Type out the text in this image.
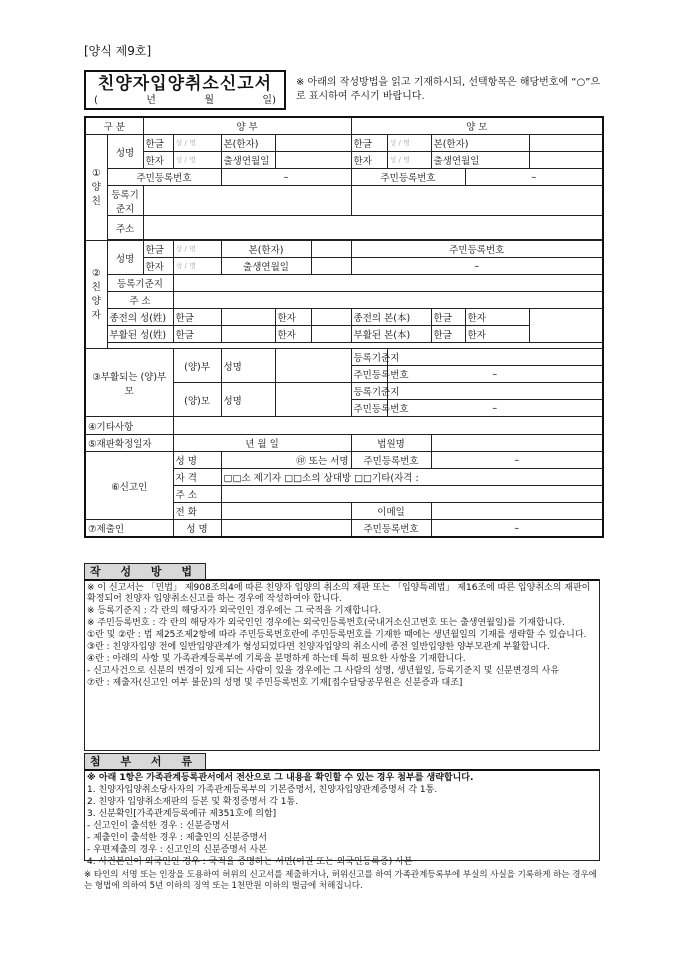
[양식 제9호]
친양자입양취소신고서
(	년	월	일)
※ 아래의 작성방법을 읽고 기재하시되, 선택항목은 해당번호에 “○”으로 표시하여 주시기 바랍니다.
구 분		양 부					양 모				
① 양 친	성명	한글	성 / 명	본(한자)			한글	성 / 명	본(한자)		
		한자	성 / 명	출생연월일			한자	성 / 명	출생연월일		
	주민등록번호			–			주민등록번호			–	
	등록기준지										
	주소										

② 친 양 자	성명	한글	성 / 명	본(한자)			주민등록번호				
		한자	성 / 명	출생연월일			–				
	등록기준지										
	주 소										
	종전의 성(姓)		한글		한자		종전의 본(本)		한글	한자	
	부활된 성(姓)		한글		한자		부활된 본(本)		한글	한자	

③부활되는 (양)부모			(양)부	성명			등록기준지				
							주민등록번호	–			
			(양)모	성명			등록기준지				
							주민등록번호	–			
④기타사항											
⑤재판확정일자			년 월 일				법원명				
⑥신고인			성 명	㊞ 또는 서명			주민등록번호		–		
			자 격	□□소 제기자 □□소의 상대방 □□기타(자격 :							
			주 소								
			전 화				이메일				
⑦제출인			성 명				주민등록번호		–		
작 성 방 법

※ 이 신고서는 「민법」 제908조의4에 따른 친양자 입양의 취소의 재판 또는 「입양특례법」 제16조에 따른 입양취소의 재판이 확정되어 친양자 입양취소신고를 하는 경우에 작성하여야 합니다.

※ 등록기준지 : 각 란의 해당자가 외국인인 경우에는 그 국적을 기재합니다.

※ 주민등록번호 : 각 란의 해당자가 외국인인 경우에는 외국인등록번호(국내거소신고번호 또는 출생연월일)를 기재합니다.

①란 및 ②란 : 법 제25조제2항에 따라 주민등록번호란에 주민등록번호를 기재한 때에는 생년월일의 기재를 생략할 수 있습니다.

③란 : 친양자입양 전에 일반입양관계가 형성되었다면 친양자입양의 취소시에 종전 일반입양한 양부모관계 부활합니다.

④란 : 아래의 사항 및 가족관계등록부에 기록을 분명하게 하는데 특히 필요한 사항을 기재합니다.

- 신고사건으로 신분의 변경이 있게 되는 사람이 있을 경우에는 그 사람의 성명, 생년월일, 등록기준지 및 신분변경의 사유

⑦란 : 제출자(신고인 여부 불문)의 성명 및 주민등록번호 기재[접수담당공무원은 신분증과 대조]

첨 부 서 류

※ 아래 1항은 가족관계등록관서에서 전산으로 그 내용을 확인할 수 있는 경우 첨부를 생략합니다.

1. 친양자입양취소당사자의 가족관계등록부의 기본증명서, 친양자입양관계증명서 각 1통.

2. 친양자 입양취소재판의 등본 및 확정증명서 각 1통.

3. 신분확인[가족관계등록예규 제351호에 의함]

- 신고인이 출석한 경우 : 신분증명서

- 제출인이 출석한 경우 : 제출인의 신분증명서

- 우편제출의 경우 : 신고인의 신분증명서 사본

4. 사건본인이 외국인인 경우 : 국적을 증명하는 서면(여권 또는 외국인등록증) 사본

※ 타인의 서명 또는 인장을 도용하여 허위의 신고서를 제출하거나, 허위신고를 하여 가족관계등록부에 부실의 사실을 기록하게 하는 경우에는 형법에 의하여 5년 이하의 징역 또는 1천만원 이하의 벌금에 처해집니다.
